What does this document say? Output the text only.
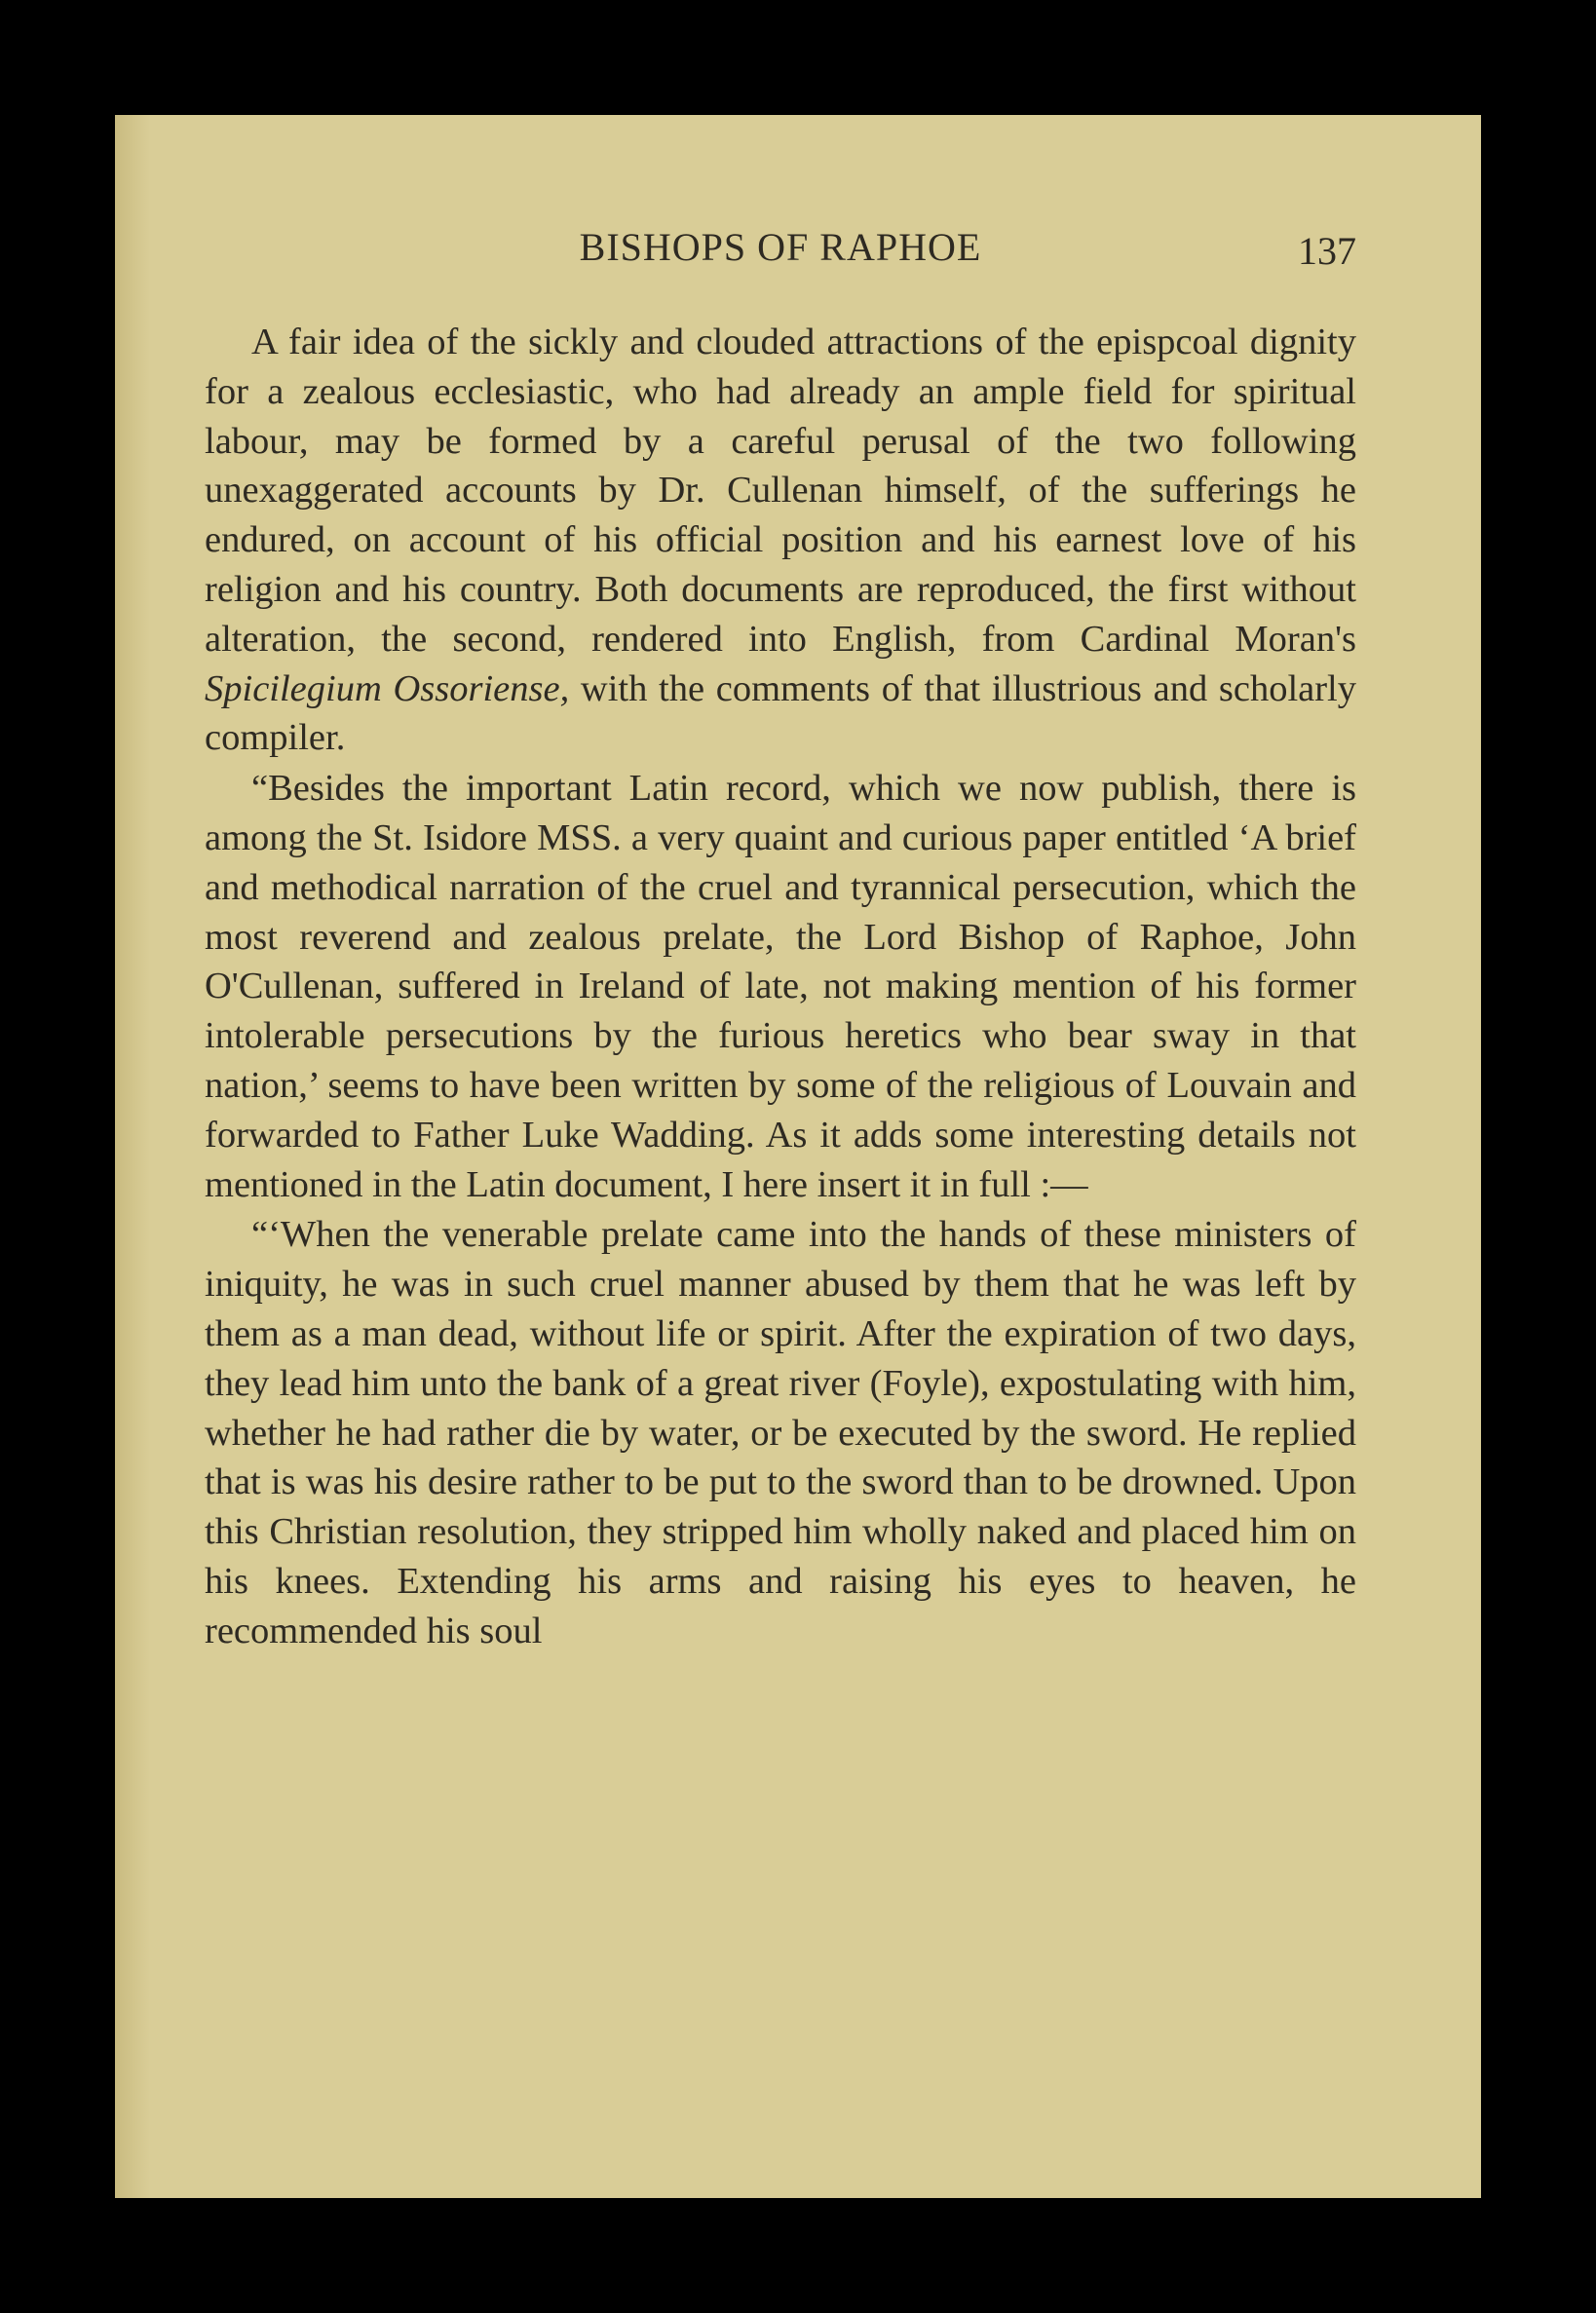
BISHOPS OF RAPHOE	137

A fair idea of the sickly and clouded attractions of the epispcoal dignity for a zealous ecclesiastic, who had already an ample field for spiritual labour, may be formed by a careful perusal of the two following unexaggerated accounts by Dr. Cullenan himself, of the sufferings he endured, on account of his official position and his earnest love of his religion and his country. Both documents are reproduced, the first without alteration, the second, rendered into English, from Cardinal Moran's Spicilegium Ossoriense, with the comments of that illustrious and scholarly compiler.

“Besides the important Latin record, which we now publish, there is among the St. Isidore MSS. a very quaint and curious paper entitled ‘A brief and methodical narration of the cruel and tyrannical persecution, which the most reverend and zealous prelate, the Lord Bishop of Raphoe, John O'Cullenan, suffered in Ireland of late, not making mention of his former intolerable persecutions by the furious heretics who bear sway in that nation,’ seems to have been written by some of the religious of Louvain and forwarded to Father Luke Wadding. As it adds some interesting details not mentioned in the Latin document, I here insert it in full :—

“‘When the venerable prelate came into the hands of these ministers of iniquity, he was in such cruel manner abused by them that he was left by them as a man dead, without life or spirit. After the expiration of two days, they lead him unto the bank of a great river (Foyle), expostulating with him, whether he had rather die by water, or be executed by the sword. He replied that is was his desire rather to be put to the sword than to be drowned. Upon this Christian resolution, they stripped him wholly naked and placed him on his knees. Extending his arms and raising his eyes to heaven, he recommended his soul
